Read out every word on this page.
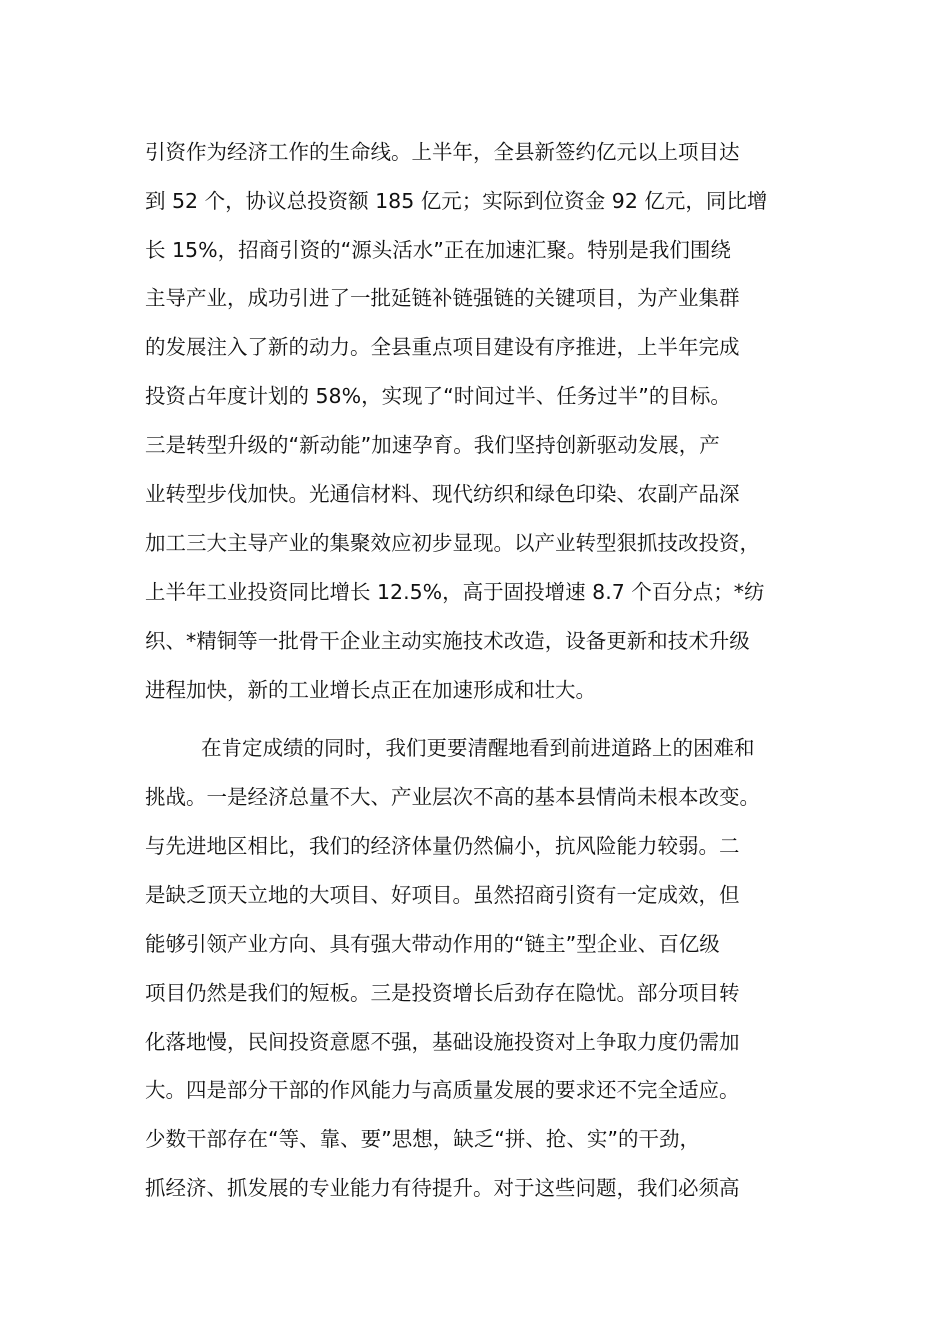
引资作为经济工作的生命线。上半年，全县新签约亿元以上项目达
到 52 个，协议总投资额 185 亿元；实际到位资金 92 亿元，同比增
长 15%，招商引资的“源头活水”正在加速汇聚。特别是我们围绕
主导产业，成功引进了一批延链补链强链的关键项目，为产业集群
的发展注入了新的动力。全县重点项目建设有序推进，上半年完成
投资占年度计划的 58%，实现了“时间过半、任务过半”的目标。
三是转型升级的“新动能”加速孕育。我们坚持创新驱动发展，产
业转型步伐加快。光通信材料、现代纺织和绿色印染、农副产品深
加工三大主导产业的集聚效应初步显现。以产业转型狠抓技改投资，
上半年工业投资同比增长 12.5%，高于固投增速 8.7 个百分点；*纺
织、*精铜等一批骨干企业主动实施技术改造，设备更新和技术升级
进程加快，新的工业增长点正在加速形成和壮大。
在肯定成绩的同时，我们更要清醒地看到前进道路上的困难和
挑战。一是经济总量不大、产业层次不高的基本县情尚未根本改变。
与先进地区相比，我们的经济体量仍然偏小，抗风险能力较弱。二
是缺乏顶天立地的大项目、好项目。虽然招商引资有一定成效，但
能够引领产业方向、具有强大带动作用的“链主”型企业、百亿级
项目仍然是我们的短板。三是投资增长后劲存在隐忧。部分项目转
化落地慢，民间投资意愿不强，基础设施投资对上争取力度仍需加
大。四是部分干部的作风能力与高质量发展的要求还不完全适应。
少数干部存在“等、靠、要”思想，缺乏“拼、抢、实”的干劲，
抓经济、抓发展的专业能力有待提升。对于这些问题，我们必须高
